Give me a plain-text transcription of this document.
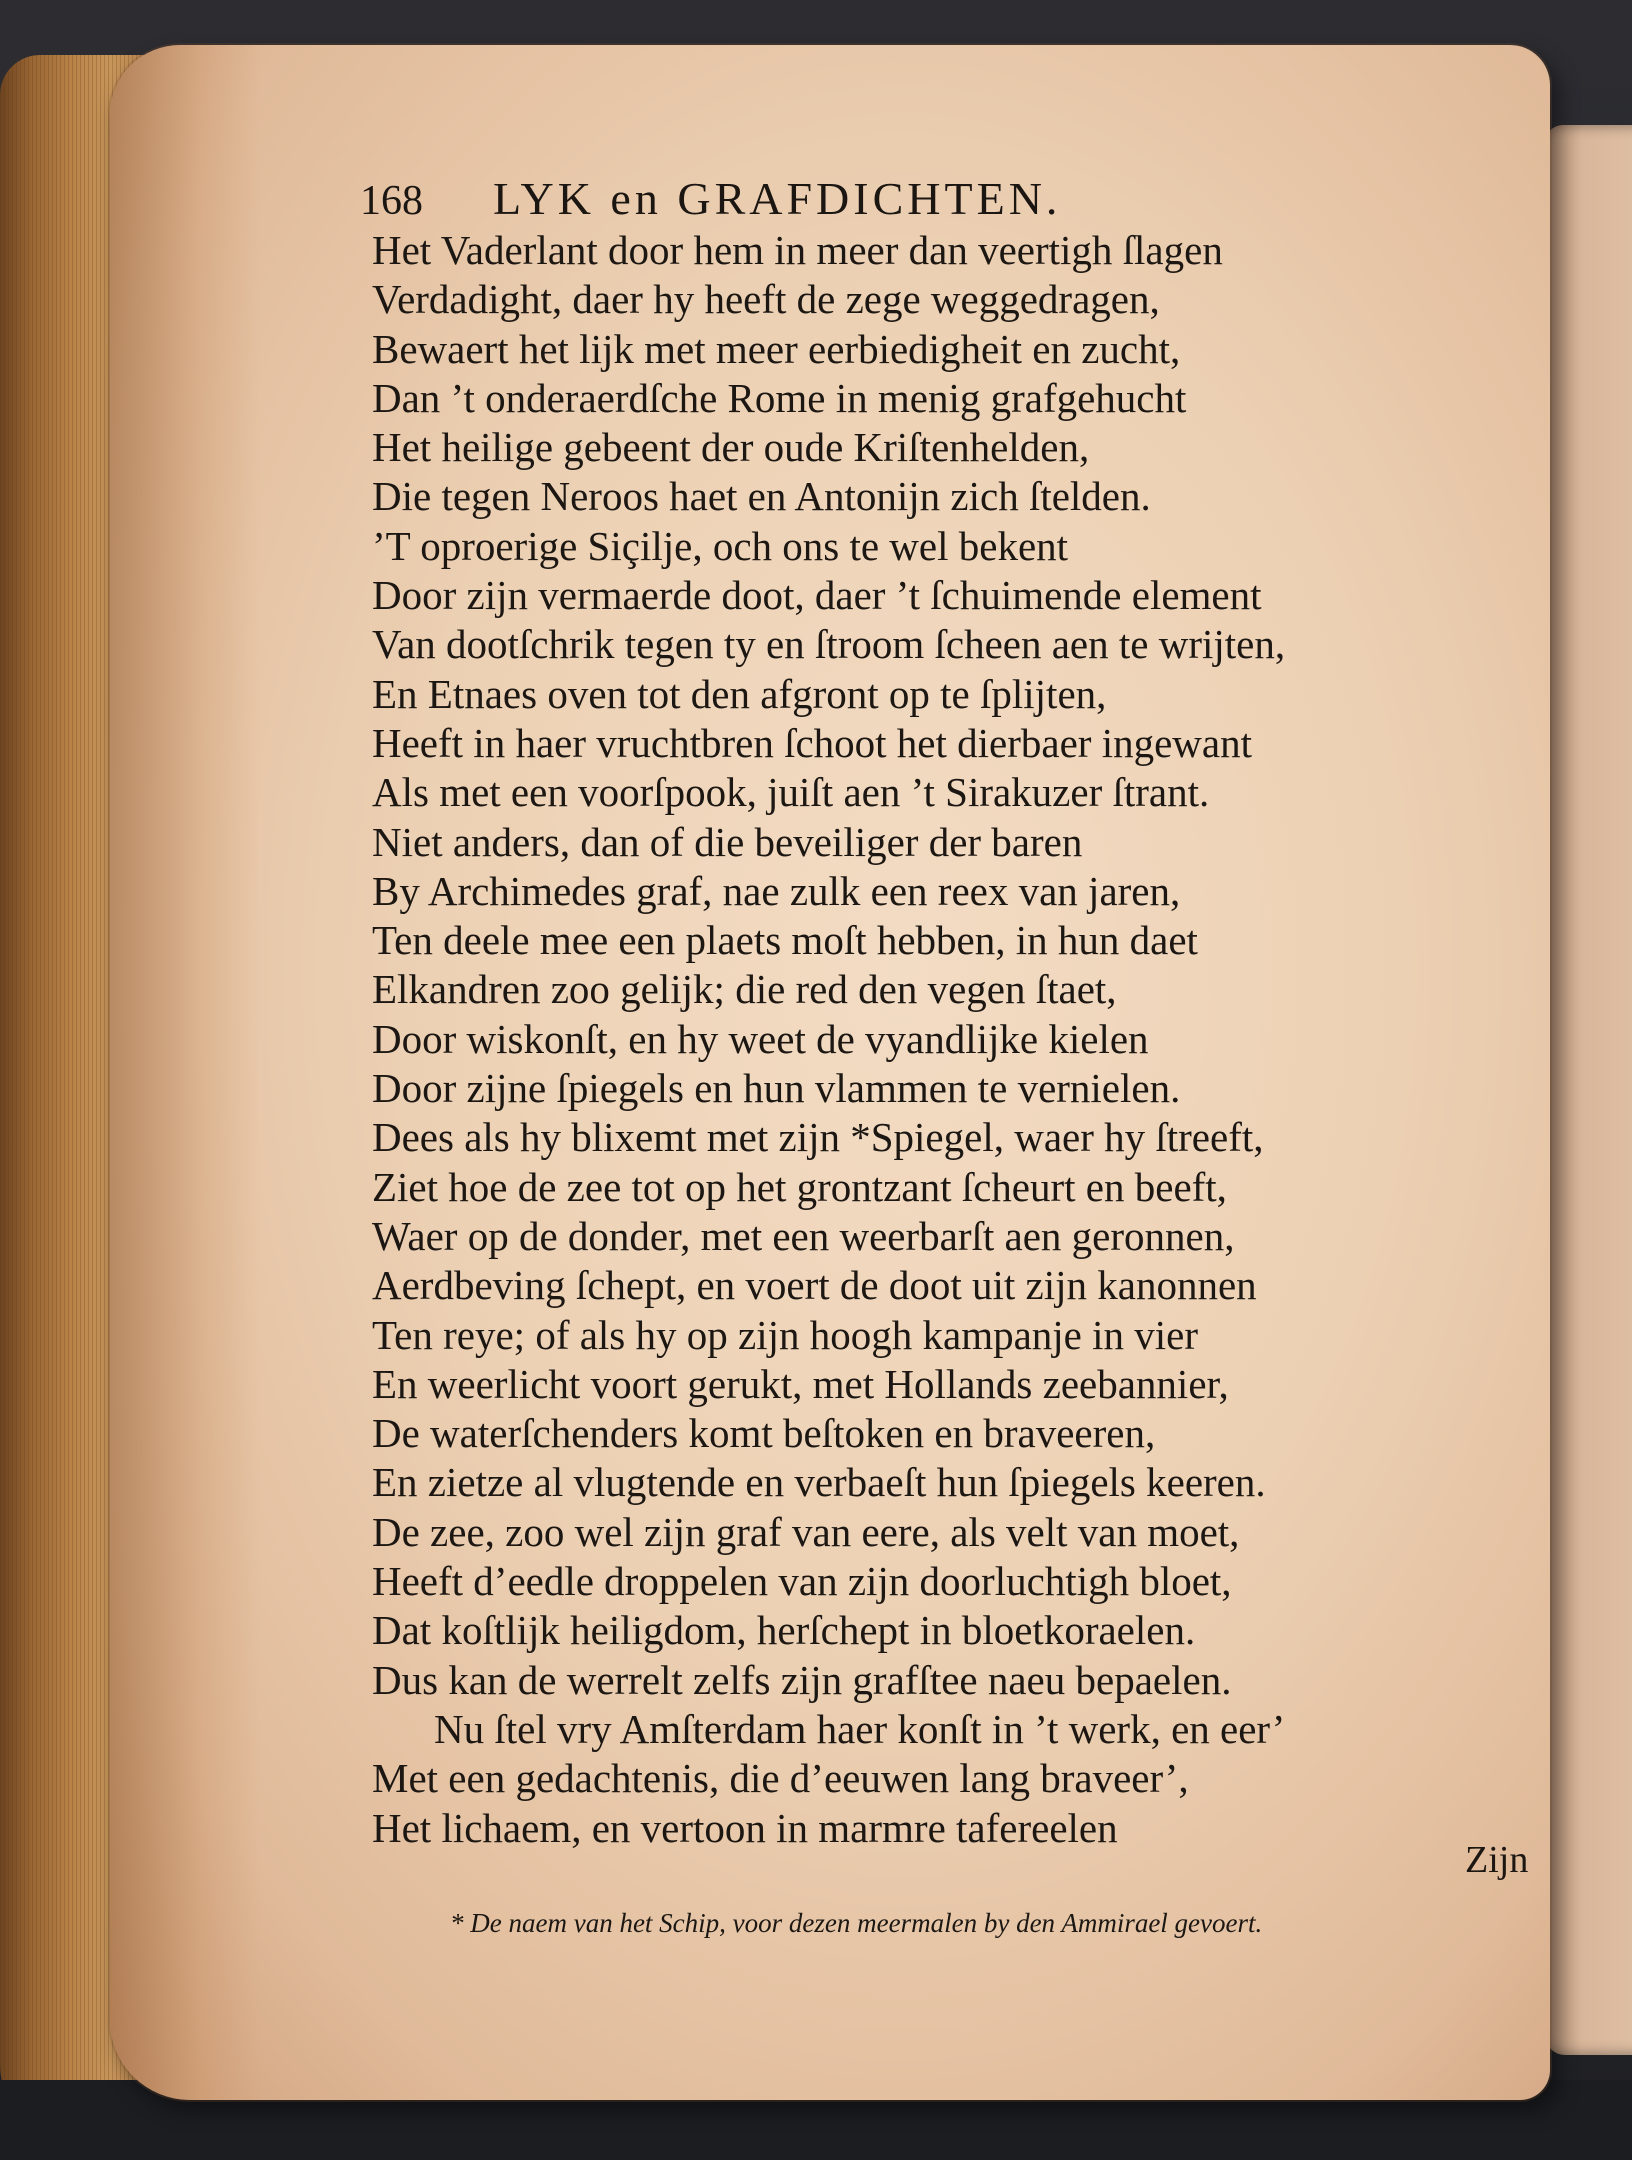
168 LYK en GRAFDICHTEN.
Het Vaderlant door hem in meer dan veertigh ſlagen
Verdadight, daer hy heeft de zege weggedragen,
Bewaert het lijk met meer eerbiedigheit en zucht,
Dan ’t onderaerdſche Rome in menig grafgehucht
Het heilige gebeent der oude Kriſtenhelden,
Die tegen Neroos haet en Antonijn zich ſtelden.
’T oproerige Siçilje, och ons te wel bekent
Door zijn vermaerde doot, daer ’t ſchuimende element
Van dootſchrik tegen ty en ſtroom ſcheen aen te wrijten,
En Etnaes oven tot den afgront op te ſplijten,
Heeft in haer vruchtbren ſchoot het dierbaer ingewant
Als met een voorſpook, juiſt aen ’t Sirakuzer ſtrant.
Niet anders, dan of die beveiliger der baren
By Archimedes graf, nae zulk een reex van jaren,
Ten deele mee een plaets moſt hebben, in hun daet
Elkandren zoo gelijk; die red den vegen ſtaet,
Door wiskonſt, en hy weet de vyandlijke kielen
Door zijne ſpiegels en hun vlammen te vernielen.
Dees als hy blixemt met zijn *Spiegel, waer hy ſtreeft,
Ziet hoe de zee tot op het grontzant ſcheurt en beeft,
Waer op de donder, met een weerbarſt aen geronnen,
Aerdbeving ſchept, en voert de doot uit zijn kanonnen
Ten reye; of als hy op zijn hoogh kampanje in vier
En weerlicht voort gerukt, met Hollands zeebannier,
De waterſchenders komt beſtoken en braveeren,
En zietze al vlugtende en verbaeſt hun ſpiegels keeren.
De zee, zoo wel zijn graf van eere, als velt van moet,
Heeft d’eedle droppelen van zijn doorluchtigh bloet,
Dat koſtlijk heiligdom, herſchept in bloetkoraelen.
Dus kan de werrelt zelfs zijn grafſtee naeu bepaelen.
Nu ſtel vry Amſterdam haer konſt in ’t werk, en eer’
Met een gedachtenis, die d’eeuwen lang braveer’,
Het lichaem, en vertoon in marmre tafereelen
Zijn
* De naem van het Schip, voor dezen meermalen by den Ammirael gevoert.
